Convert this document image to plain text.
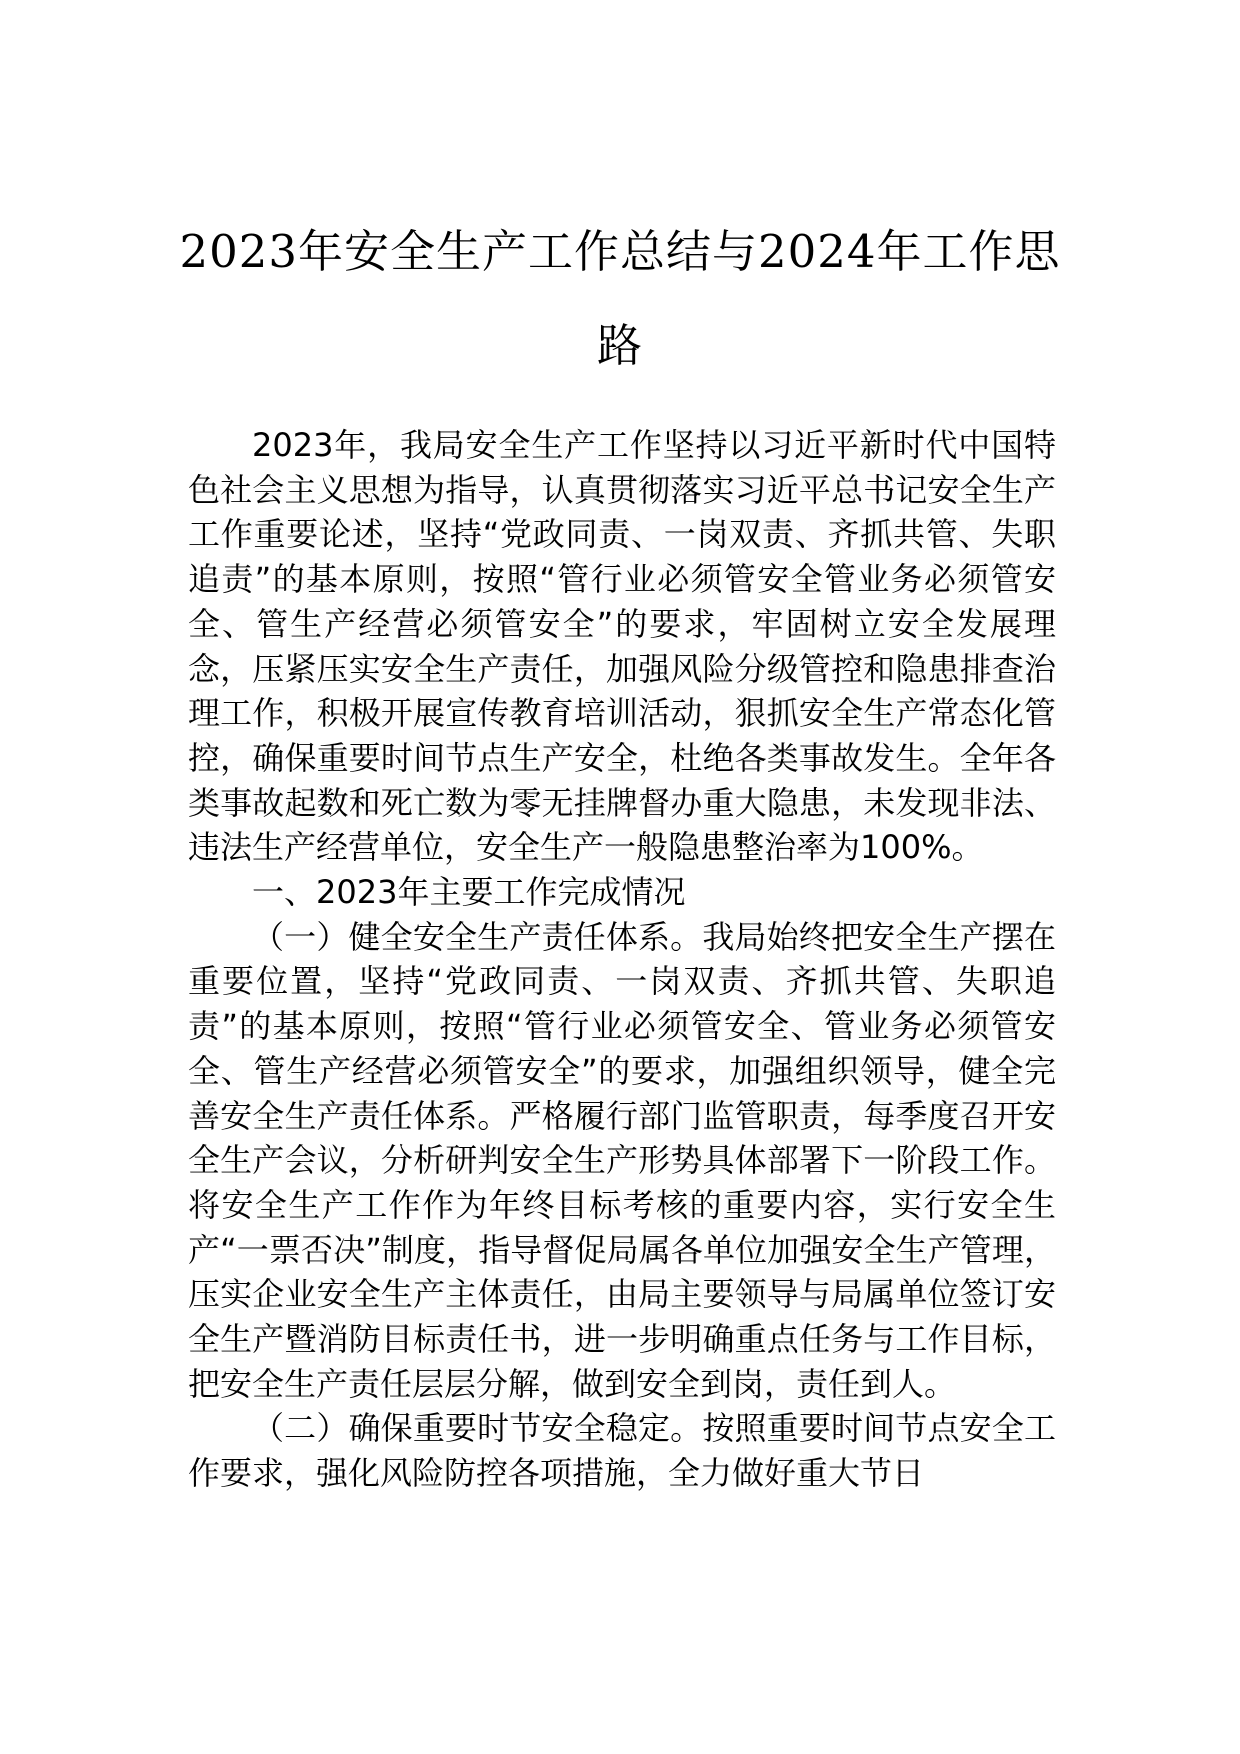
2023年安全生产工作总结与2024年工作思路

2023年，我局安全生产工作坚持以习近平新时代中国特色社会主义思想为指导，认真贯彻落实习近平总书记安全生产工作重要论述，坚持“党政同责、一岗双责、齐抓共管、失职追责”的基本原则，按照“管行业必须管安全管业务必须管安全、管生产经营必须管安全”的要求，牢固树立安全发展理念，压紧压实安全生产责任，加强风险分级管控和隐患排查治理工作，积极开展宣传教育培训活动，狠抓安全生产常态化管控，确保重要时间节点生产安全，杜绝各类事故发生。全年各类事故起数和死亡数为零无挂牌督办重大隐患，未发现非法、违法生产经营单位，安全生产一般隐患整治率为100%。

一、2023年主要工作完成情况

（一）健全安全生产责任体系。我局始终把安全生产摆在重要位置，坚持“党政同责、一岗双责、齐抓共管、失职追责”的基本原则，按照“管行业必须管安全、管业务必须管安全、管生产经营必须管安全”的要求，加强组织领导，健全完善安全生产责任体系。严格履行部门监管职责，每季度召开安全生产会议，分析研判安全生产形势具体部署下一阶段工作。将安全生产工作作为年终目标考核的重要内容，实行安全生产“一票否决”制度，指导督促局属各单位加强安全生产管理，压实企业安全生产主体责任，由局主要领导与局属单位签订安全生产暨消防目标责任书，进一步明确重点任务与工作目标，把安全生产责任层层分解，做到安全到岗，责任到人。

（二）确保重要时节安全稳定。按照重要时间节点安全工作要求，强化风险防控各项措施，全力做好重大节日
